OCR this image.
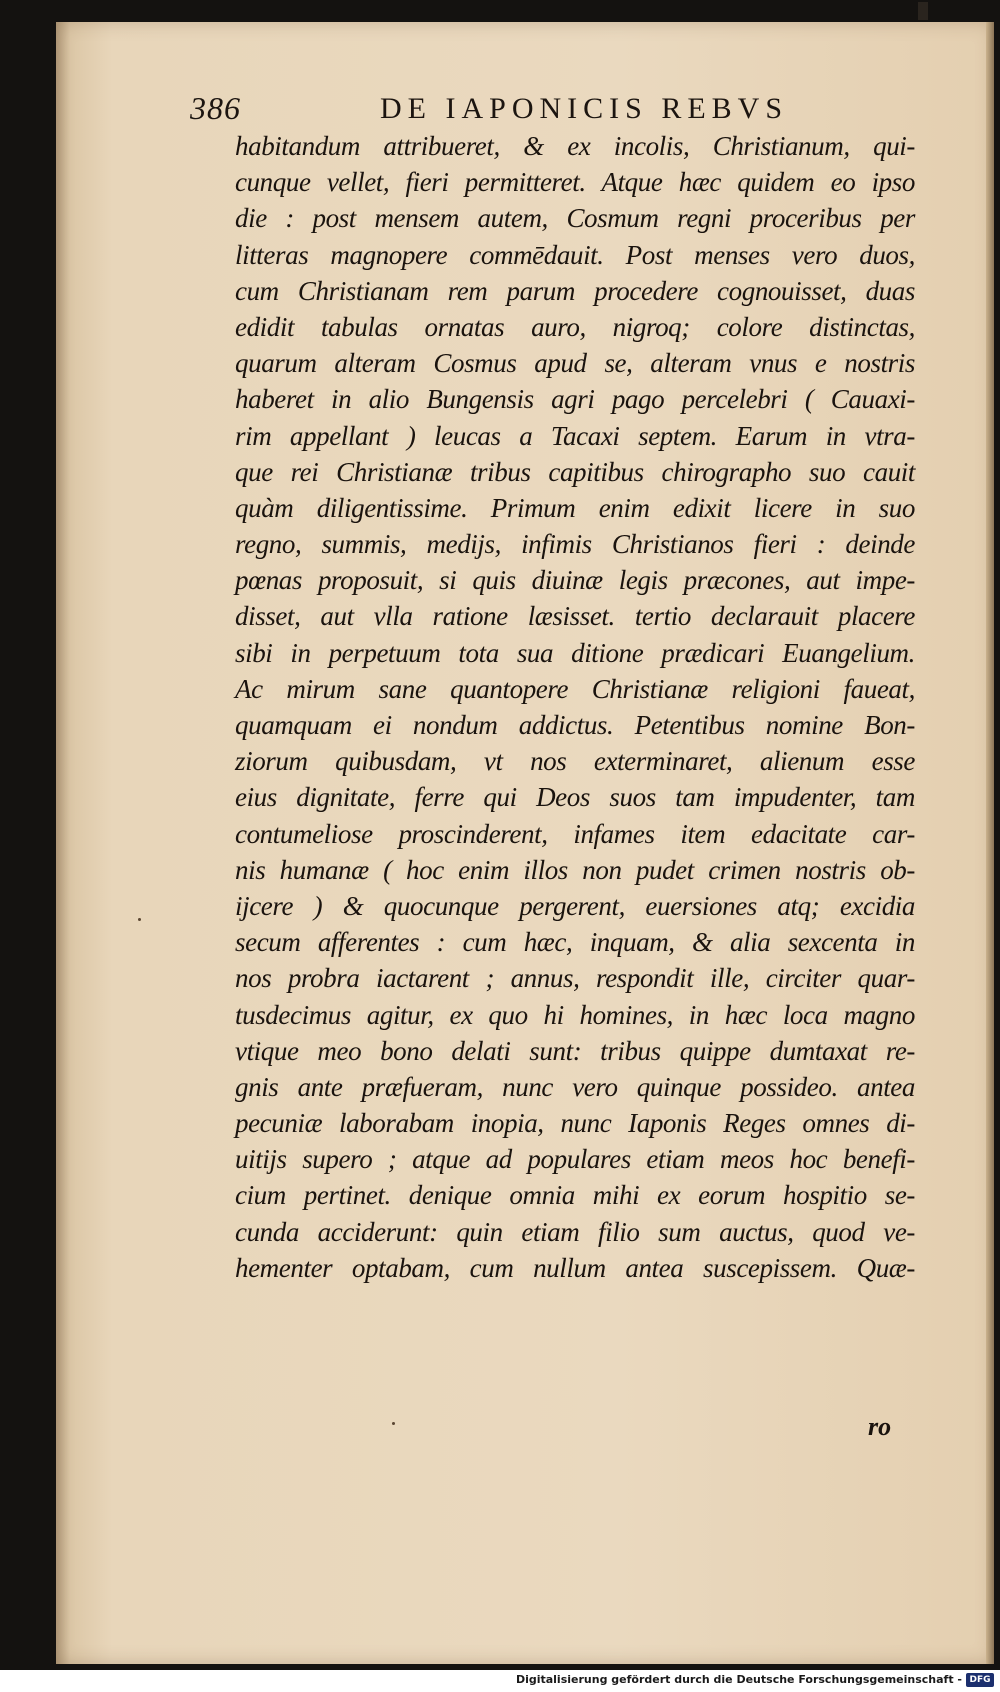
386	DE IAPONICIS REBVS
habitandum attribueret, & ex incolis, Christianum, qui-
cunque vellet, fieri permitteret. Atque hæc quidem eo ipso
die : post mensem autem, Cosmum regni proceribus per
litteras magnopere commēdauit. Post menses vero duos,
cum Christianam rem parum procedere cognouisset, duas
edidit tabulas ornatas auro, nigroq; colore distinctas,
quarum alteram Cosmus apud se, alteram vnus e nostris
haberet in alio Bungensis agri pago percelebri ( Cauaxi-
rim appellant ) leucas a Tacaxi septem. Earum in vtra-
que rei Christianæ tribus capitibus chirographo suo cauit
quàm diligentissime. Primum enim edixit licere in suo
regno, summis, medijs, infimis Christianos fieri : deinde
pœnas proposuit, si quis diuinæ legis præcones, aut impe-
disset, aut vlla ratione læsisset. tertio declarauit placere
sibi in perpetuum tota sua ditione prædicari Euangelium.
Ac mirum sane quantopere Christianæ religioni faueat,
quamquam ei nondum addictus. Petentibus nomine Bon-
ziorum quibusdam, vt nos exterminaret, alienum esse
eius dignitate, ferre qui Deos suos tam impudenter, tam
contumeliose proscinderent, infames item edacitate car-
nis humanæ ( hoc enim illos non pudet crimen nostris ob-
ijcere ) & quocunque pergerent, euersiones atq; excidia
secum afferentes : cum hæc, inquam, & alia sexcenta in
nos probra iactarent ; annus, respondit ille, circiter quar-
tusdecimus agitur, ex quo hi homines, in hæc loca magno
vtique meo bono delati sunt: tribus quippe dumtaxat re-
gnis ante præfueram, nunc vero quinque possideo. antea
pecuniæ laborabam inopia, nunc Iaponis Reges omnes di-
uitijs supero ; atque ad populares etiam meos hoc benefi-
cium pertinet. denique omnia mihi ex eorum hospitio se-
cunda acciderunt: quin etiam filio sum auctus, quod ve-
hementer optabam, cum nullum antea suscepissem. Quæ-
ro
Digitalisierung gefördert durch die Deutsche Forschungsgemeinschaft - DFG
